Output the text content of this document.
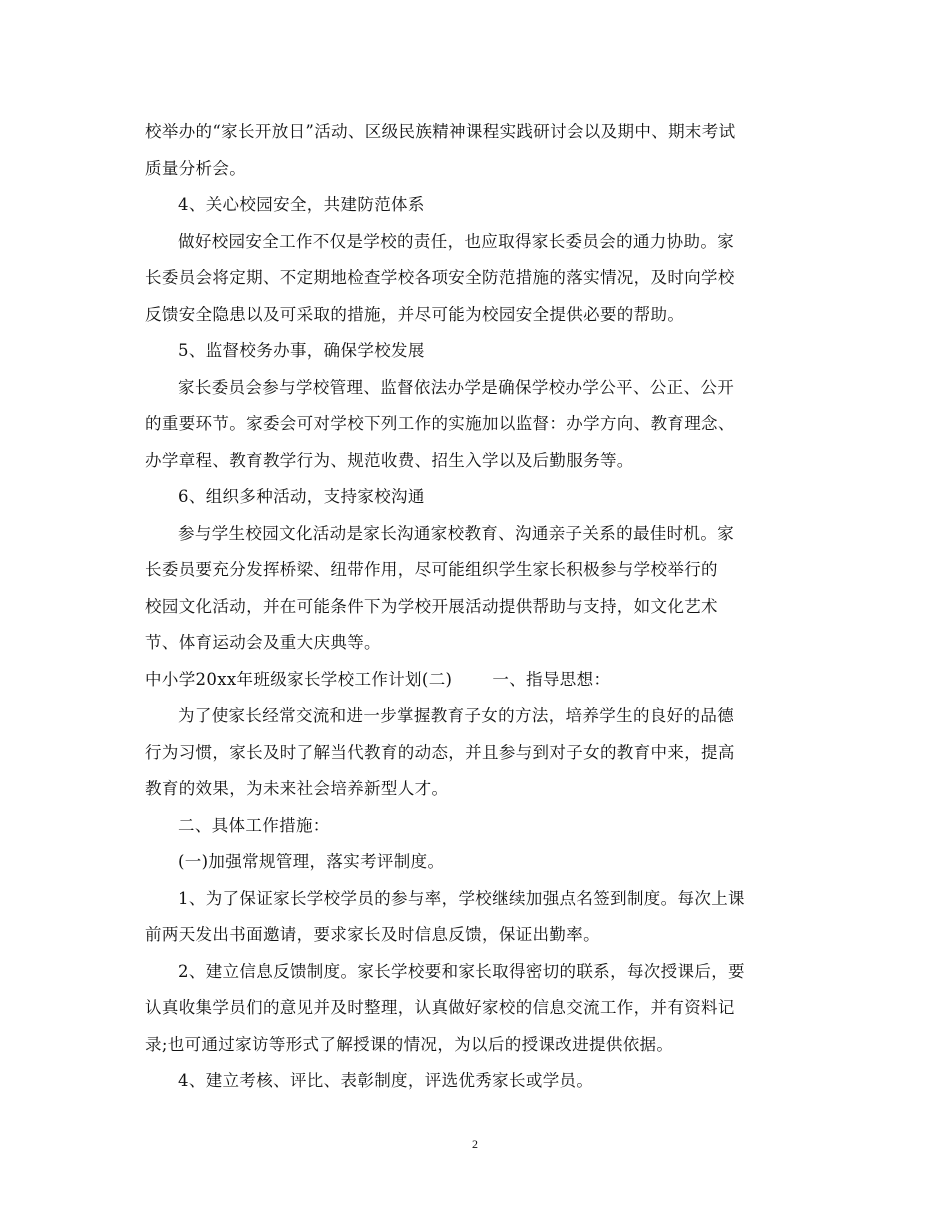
校举办的“家长开放日”活动、区级民族精神课程实践研讨会以及期中、期末考试

质量分析会。

4、关心校园安全，共建防范体系

做好校园安全工作不仅是学校的责任，也应取得家长委员会的通力协助。家

长委员会将定期、不定期地检查学校各项安全防范措施的落实情况，及时向学校

反馈安全隐患以及可采取的措施，并尽可能为校园安全提供必要的帮助。

5、监督校务办事，确保学校发展

家长委员会参与学校管理、监督依法办学是确保学校办学公平、公正、公开

的重要环节。家委会可对学校下列工作的实施加以监督：办学方向、教育理念、

办学章程、教育教学行为、规范收费、招生入学以及后勤服务等。

6、组织多种活动，支持家校沟通

参与学生校园文化活动是家长沟通家校教育、沟通亲子关系的最佳时机。家

长委员要充分发挥桥梁、纽带作用，尽可能组织学生家长积极参与学校举行的

校园文化活动，并在可能条件下为学校开展活动提供帮助与支持，如文化艺术

节、体育运动会及重大庆典等。

中小学20xx年班级家长学校工作计划(二) 一、指导思想：

为了使家长经常交流和进一步掌握教育子女的方法，培养学生的良好的品德

行为习惯，家长及时了解当代教育的动态，并且参与到对子女的教育中来，提高

教育的效果，为未来社会培养新型人才。

二、具体工作措施：

(一)加强常规管理，落实考评制度。

1、为了保证家长学校学员的参与率，学校继续加强点名签到制度。每次上课

前两天发出书面邀请，要求家长及时信息反馈，保证出勤率。

2、建立信息反馈制度。家长学校要和家长取得密切的联系，每次授课后，要

认真收集学员们的意见并及时整理，认真做好家校的信息交流工作，并有资料记

录;也可通过家访等形式了解授课的情况，为以后的授课改进提供依据。

4、建立考核、评比、表彰制度，评选优秀家长或学员。

2
